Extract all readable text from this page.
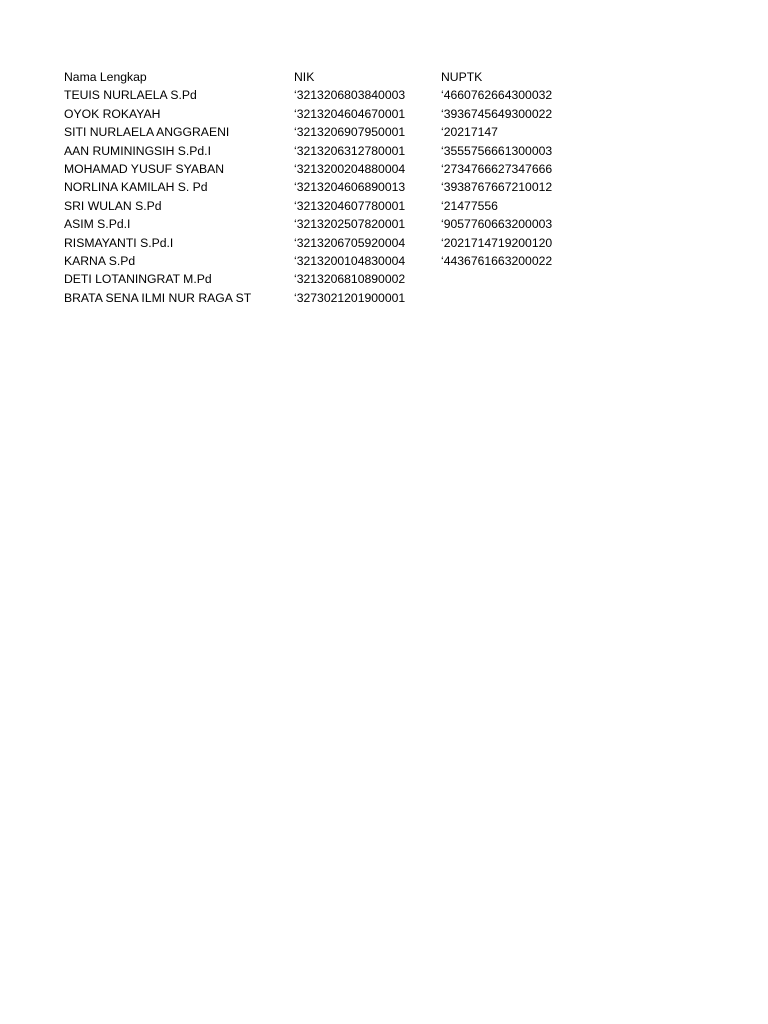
Nama Lengkap	NIK	NUPTK
TEUIS NURLAELA S.Pd	‘3213206803840003	‘4660762664300032
OYOK ROKAYAH	‘3213204604670001	‘3936745649300022
SITI NURLAELA ANGGRAENI	‘3213206907950001	‘20217147
AAN RUMININGSIH S.Pd.I	‘3213206312780001	‘3555756661300003
MOHAMAD YUSUF SYABAN	‘3213200204880004	‘2734766627347666
NORLINA KAMILAH S. Pd	‘3213204606890013	‘3938767667210012
SRI WULAN S.Pd	‘3213204607780001	‘21477556
ASIM S.Pd.I	‘3213202507820001	‘9057760663200003
RISMAYANTI S.Pd.I	‘3213206705920004	‘2021714719200120
KARNA S.Pd	‘3213200104830004	‘4436761663200022
DETI LOTANINGRAT M.Pd	‘3213206810890002
BRATA SENA ILMI NUR RAGA ST	‘3273021201900001
